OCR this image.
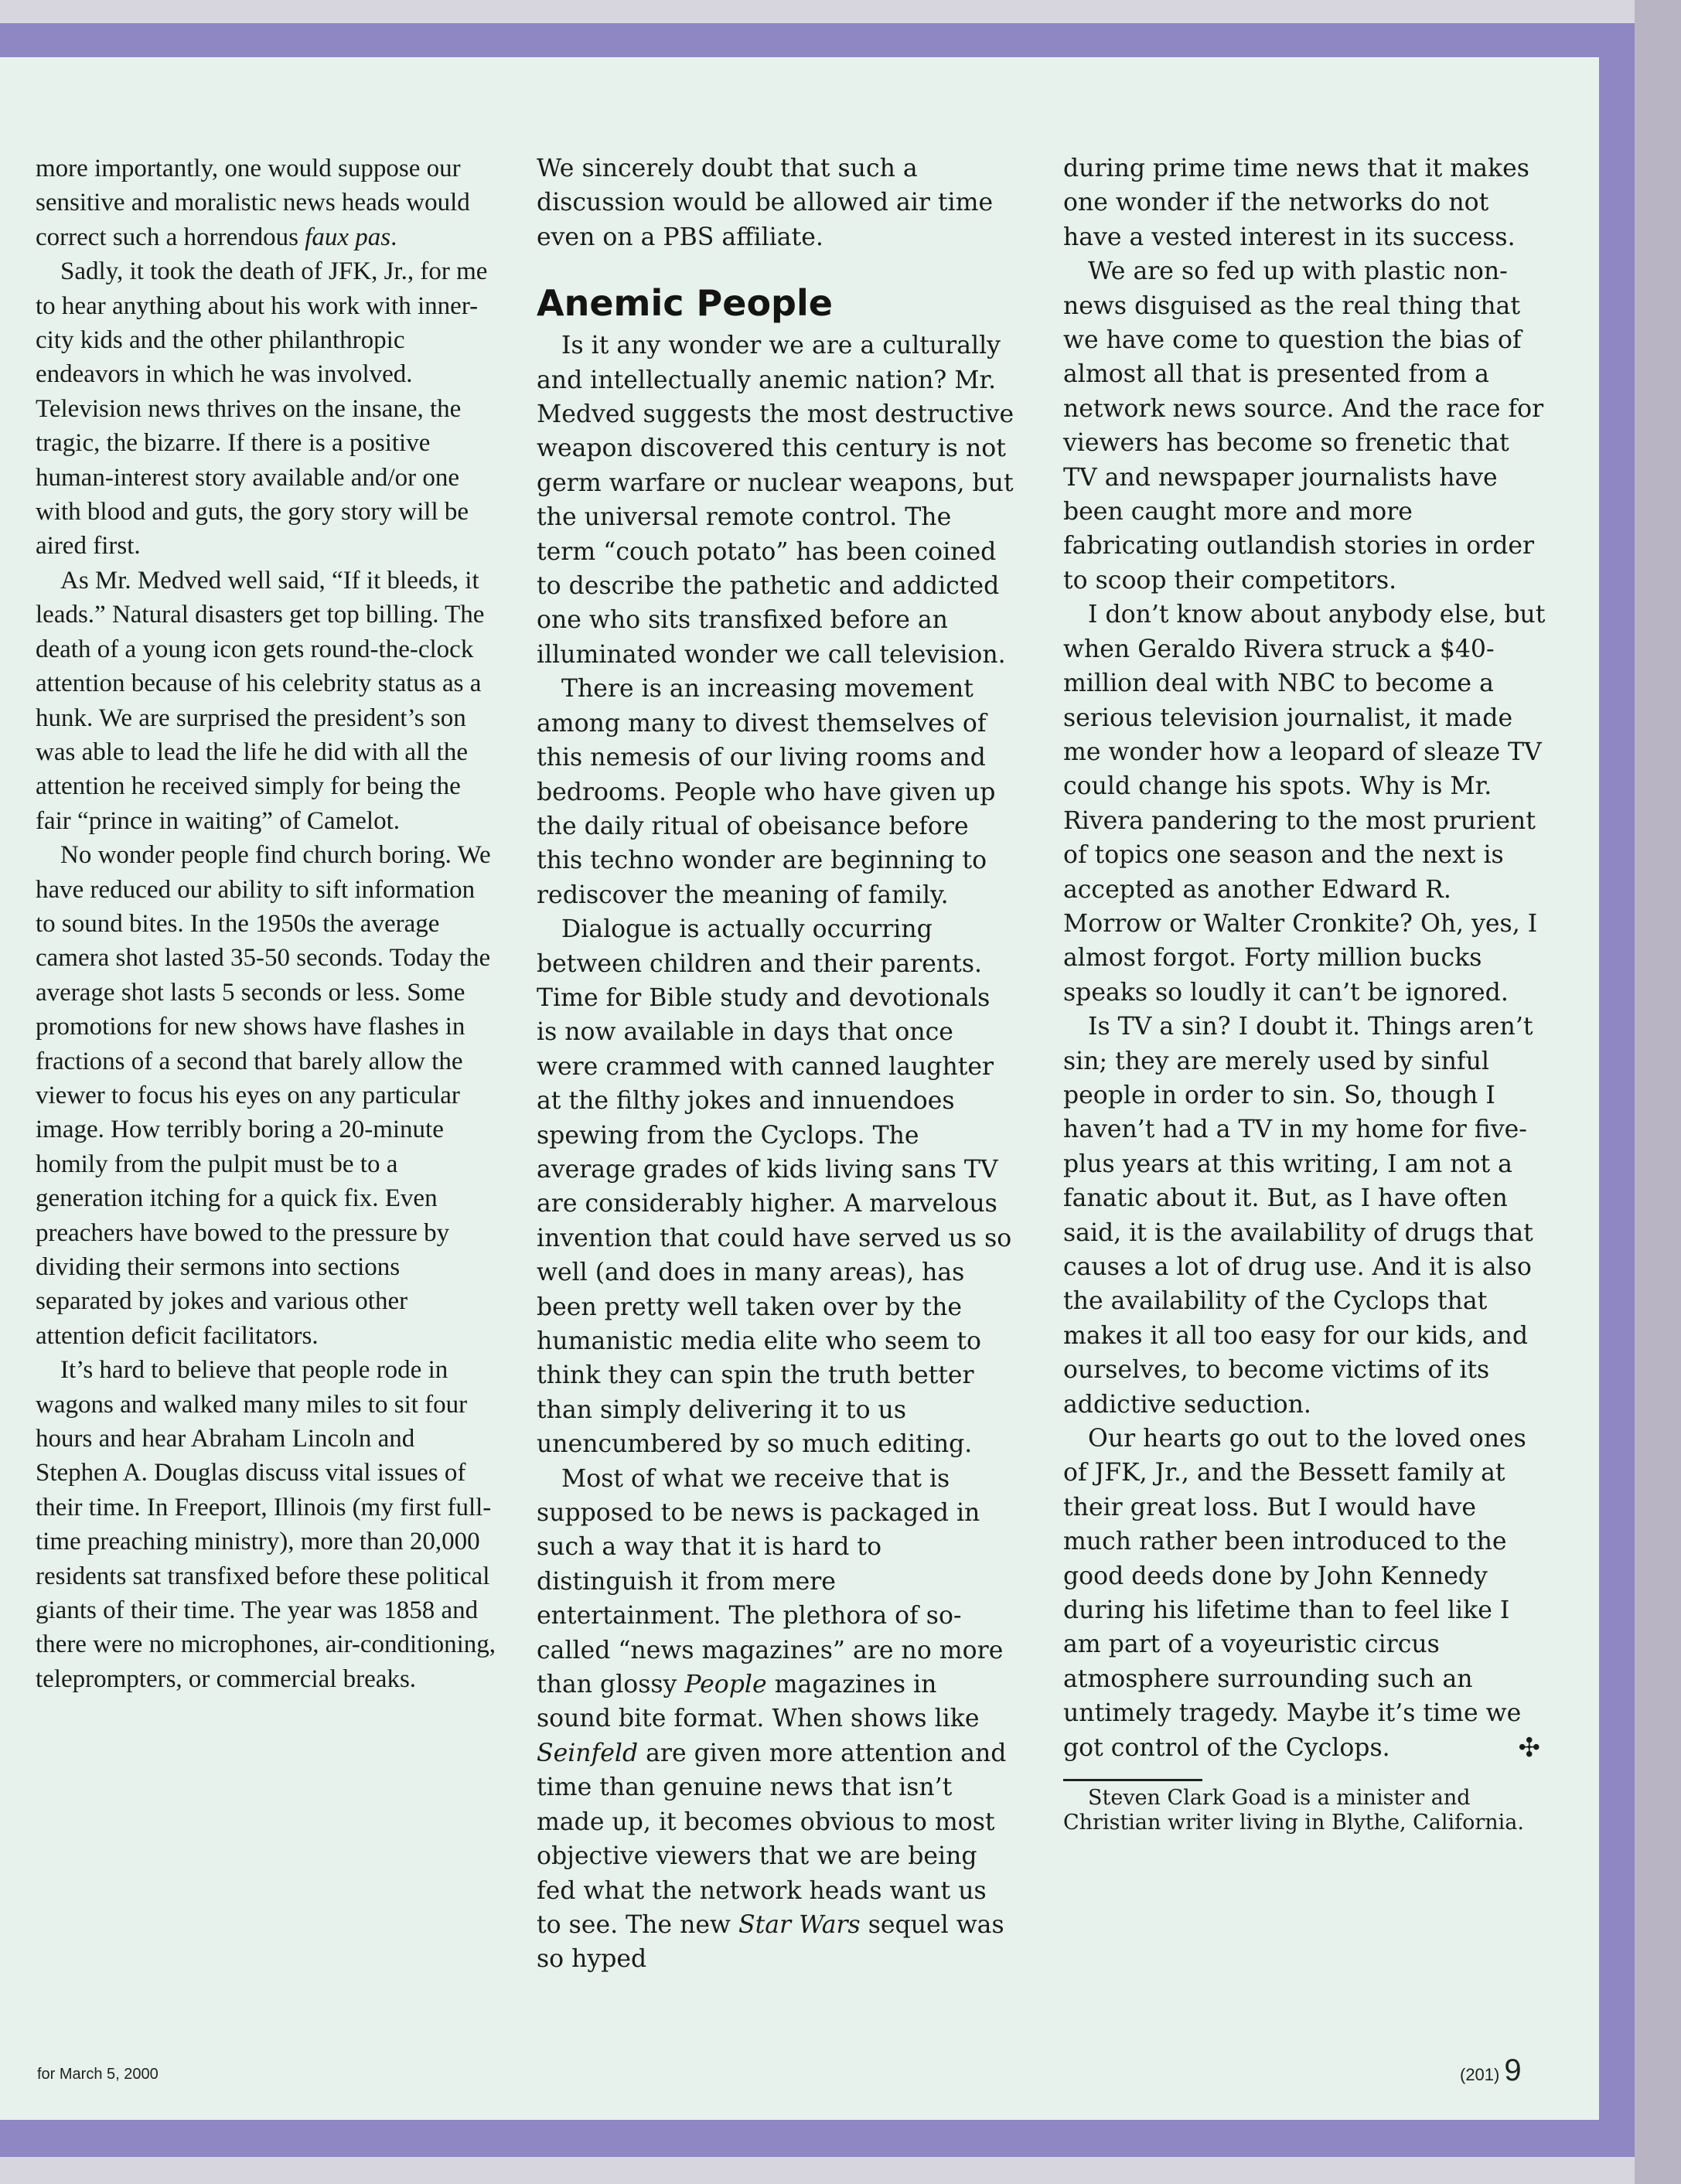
more importantly, one would suppose our sensitive and moralistic news heads would correct such a horrendous faux pas.

Sadly, it took the death of JFK, Jr., for me to hear anything about his work with inner-city kids and the other philanthropic endeavors in which he was involved. Television news thrives on the insane, the tragic, the bizarre. If there is a positive human-interest story available and/or one with blood and guts, the gory story will be aired first.

As Mr. Medved well said, “If it bleeds, it leads.” Natural disasters get top billing. The death of a young icon gets round-the-clock attention because of his celebrity status as a hunk. We are surprised the president’s son was able to lead the life he did with all the attention he received simply for being the fair “prince in waiting” of Camelot.

No wonder people find church boring. We have reduced our ability to sift information to sound bites. In the 1950s the average camera shot lasted 35-50 seconds. Today the average shot lasts 5 seconds or less. Some promotions for new shows have flashes in fractions of a second that barely allow the viewer to focus his eyes on any particular image. How terribly boring a 20-minute homily from the pulpit must be to a generation itching for a quick fix. Even preachers have bowed to the pressure by dividing their sermons into sections separated by jokes and various other attention deficit facilitators.

It’s hard to believe that people rode in wagons and walked many miles to sit four hours and hear Abraham Lincoln and Stephen A. Douglas discuss vital issues of their time. In Freeport, Illinois (my first full-time preaching ministry), more than 20,000 residents sat transfixed before these political giants of their time. The year was 1858 and there were no microphones, air-conditioning, teleprompters, or commercial breaks.

We sincerely doubt that such a discussion would be allowed air time even on a PBS affiliate.

Anemic People

Is it any wonder we are a culturally and intellectually anemic nation? Mr. Medved suggests the most destructive weapon discovered this century is not germ warfare or nuclear weapons, but the universal remote control. The term “couch potato” has been coined to describe the pathetic and addicted one who sits transfixed before an illuminated wonder we call television.

There is an increasing movement among many to divest themselves of this nemesis of our living rooms and bedrooms. People who have given up the daily ritual of obeisance before this techno wonder are beginning to rediscover the meaning of family.

Dialogue is actually occurring between children and their parents. Time for Bible study and devotionals is now available in days that once were crammed with canned laughter at the filthy jokes and innuendoes spewing from the Cyclops. The average grades of kids living sans TV are considerably higher. A marvelous invention that could have served us so well (and does in many areas), has been pretty well taken over by the humanistic media elite who seem to think they can spin the truth better than simply delivering it to us unencumbered by so much editing.

Most of what we receive that is supposed to be news is packaged in such a way that it is hard to distinguish it from mere entertainment. The plethora of so-called “news magazines” are no more than glossy People magazines in sound bite format. When shows like Seinfeld are given more attention and time than genuine news that isn’t made up, it becomes obvious to most objective viewers that we are being fed what the network heads want us to see. The new Star Wars sequel was so hyped

during prime time news that it makes one wonder if the networks do not have a vested interest in its success.

We are so fed up with plastic non-news disguised as the real thing that we have come to question the bias of almost all that is presented from a network news source. And the race for viewers has become so frenetic that TV and newspaper journalists have been caught more and more fabricating outlandish stories in order to scoop their competitors.

I don’t know about anybody else, but when Geraldo Rivera struck a $40-million deal with NBC to become a serious television journalist, it made me wonder how a leopard of sleaze TV could change his spots. Why is Mr. Rivera pandering to the most prurient of topics one season and the next is accepted as another Edward R. Morrow or Walter Cronkite? Oh, yes, I almost forgot. Forty million bucks speaks so loudly it can’t be ignored.

Is TV a sin? I doubt it. Things aren’t sin; they are merely used by sinful people in order to sin. So, though I haven’t had a TV in my home for five-plus years at this writing, I am not a fanatic about it. But, as I have often said, it is the availability of drugs that causes a lot of drug use. And it is also the availability of the Cyclops that makes it all too easy for our kids, and ourselves, to become victims of its addictive seduction.

Our hearts go out to the loved ones of JFK, Jr., and the Bessett family at their great loss. But I would have much rather been introduced to the good deeds done by John Kennedy during his lifetime than to feel like I am part of a voyeuristic circus atmosphere surrounding such an untimely tragedy. Maybe it’s time we got control of the Cyclops.	✣

Steven Clark Goad is a minister and Christian writer living in Blythe, California.

for March 5, 2000	(201) 9
